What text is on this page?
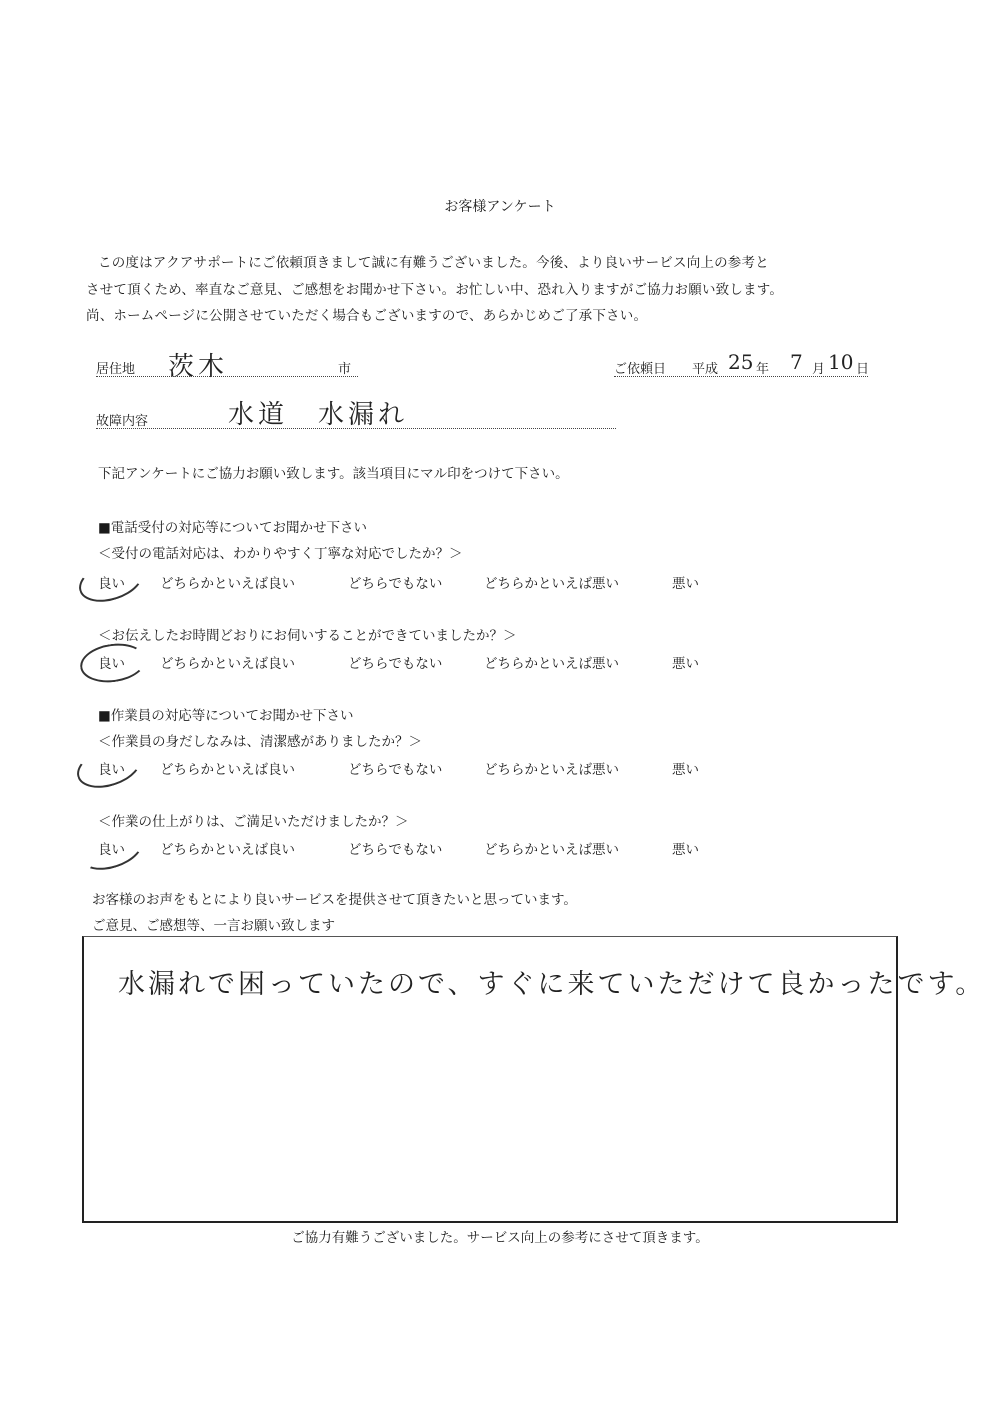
お客様アンケート
この度はアクアサポートにご依頼頂きまして誠に有難うございました。今後、より良いサービス向上の参考と
させて頂くため、率直なご意見、ご感想をお聞かせ下さい。お忙しい中、恐れ入りますがご協力お願い致します。
尚、ホームページに公開させていただく場合もございますので、あらかじめご了承下さい。
居住地 茨木	市	ご依頼日 平成 25 年 7 月 10 日
故障内容	水道　水漏れ
下記アンケートにご協力お願い致します。該当項目にマル印をつけて下さい。
■電話受付の対応等についてお聞かせ下さい
＜受付の電話対応は、わかりやすく丁寧な対応でしたか？＞
良い	どちらかといえば良い	どちらでもない	どちらかといえば悪い	悪い
＜お伝えしたお時間どおりにお伺いすることができていましたか？＞
良い	どちらかといえば良い	どちらでもない	どちらかといえば悪い	悪い
■作業員の対応等についてお聞かせ下さい
＜作業員の身だしなみは、清潔感がありましたか？＞
良い	どちらかといえば良い	どちらでもない	どちらかといえば悪い	悪い
＜作業の仕上がりは、ご満足いただけましたか？＞
良い	どちらかといえば良い	どちらでもない	どちらかといえば悪い	悪い
お客様のお声をもとにより良いサービスを提供させて頂きたいと思っています。
ご意見、ご感想等、一言お願い致します
水漏れで困っていたので、すぐに来ていただけて良かったです。
ご協力有難うございました。サービス向上の参考にさせて頂きます。
